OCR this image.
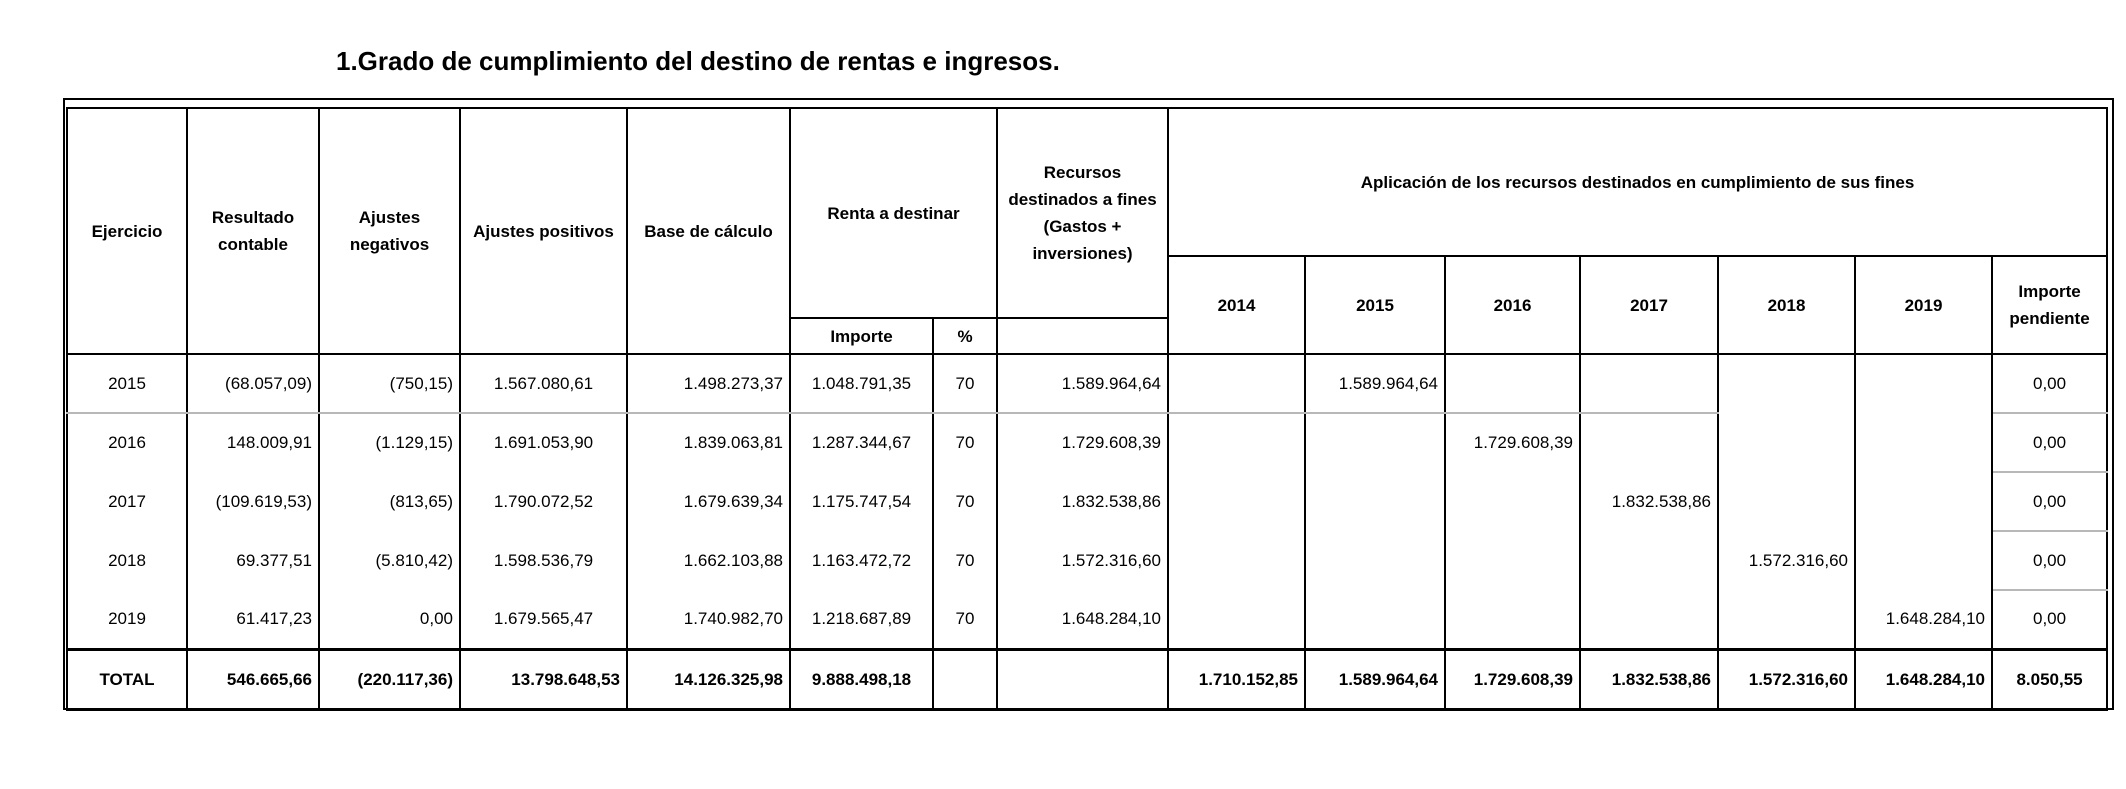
1.Grado de cumplimiento del destino de rentas e ingresos.
Ejercicio	Resultado contable	Ajustes negativos	Ajustes positivos	Base de cálculo	Renta a destinar		Recursos destinados a fines (Gastos + inversiones)	Aplicación de los recursos destinados en cumplimiento de sus fines						
								2014	2015	2016	2017	2018	2019	Importe pendiente
					Importe	%								
2015	(68.057,09)	(750,15)	1.567.080,61	1.498.273,37	1.048.791,35	70	1.589.964,64		1.589.964,64					0,00
2016	148.009,91	(1.129,15)	1.691.053,90	1.839.063,81	1.287.344,67	70	1.729.608,39			1.729.608,39				0,00
2017	(109.619,53)	(813,65)	1.790.072,52	1.679.639,34	1.175.747,54	70	1.832.538,86				1.832.538,86			0,00
2018	69.377,51	(5.810,42)	1.598.536,79	1.662.103,88	1.163.472,72	70	1.572.316,60					1.572.316,60		0,00
2019	61.417,23	0,00	1.679.565,47	1.740.982,70	1.218.687,89	70	1.648.284,10						1.648.284,10	0,00
TOTAL	546.665,66	(220.117,36)	13.798.648,53	14.126.325,98	9.888.498,18			1.710.152,85	1.589.964,64	1.729.608,39	1.832.538,86	1.572.316,60	1.648.284,10	8.050,55
